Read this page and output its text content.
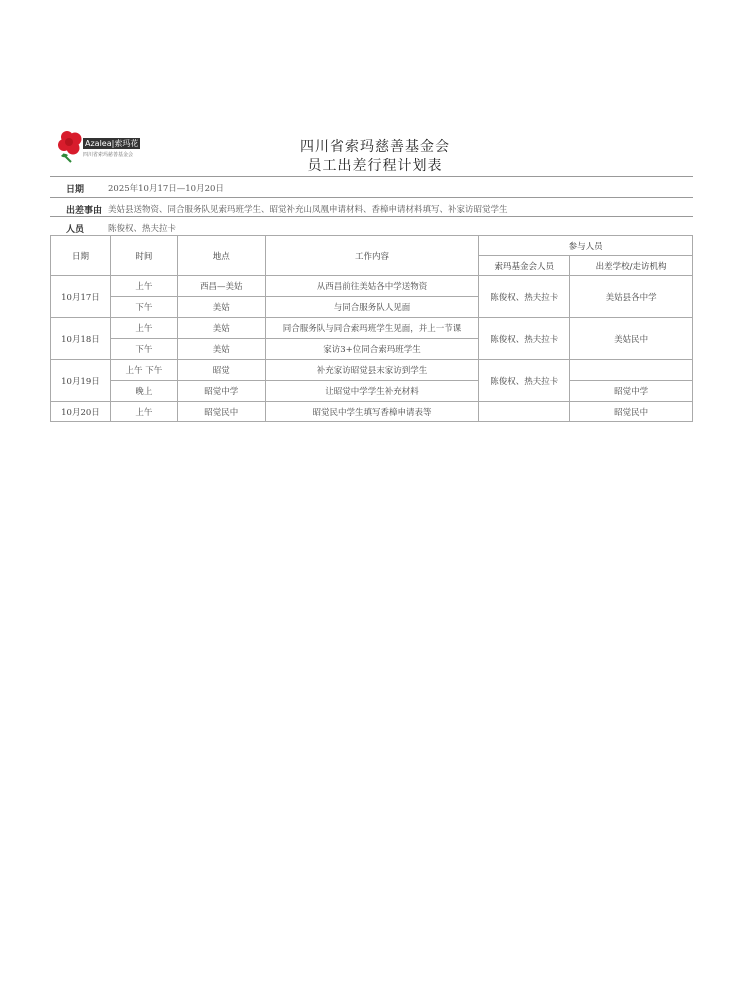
Azalea|索玛花
四川省索玛慈善基金会	四川省索玛慈善基金会
员工出差行程计划表
日期	2025年10月17日—10月20日
出差事由 美姑县送物资、同合服务队见索玛班学生、昭觉补充山凤凰申请材料、香樟申请材料填写、补家访昭觉学生
人员	陈俊权、热夫拉卡
日期	时间	地点	工作内容	参与人员	
				索玛基金会人员	出差学校/走访机构
10月17日	上午	西昌—美姑	从西昌前往美姑各中学送物资	陈俊权、热夫拉卡	美姑县各中学
	下午	美姑	与同合服务队人见面		
10月18日	上午	美姑	同合服务队与同合索玛班学生见面，并上一节课	陈俊权、热夫拉卡	美姑民中
	下午	美姑	家访3+位同合索玛班学生		
10月19日	上午 下午	昭觉	补充家访昭觉县末家访到学生	陈俊权、热夫拉卡	
	晚上	昭觉中学	让昭觉中学学生补充材料		昭觉中学
10月20日	上午	昭觉民中	昭觉民中学生填写香樟申请表等		昭觉民中
